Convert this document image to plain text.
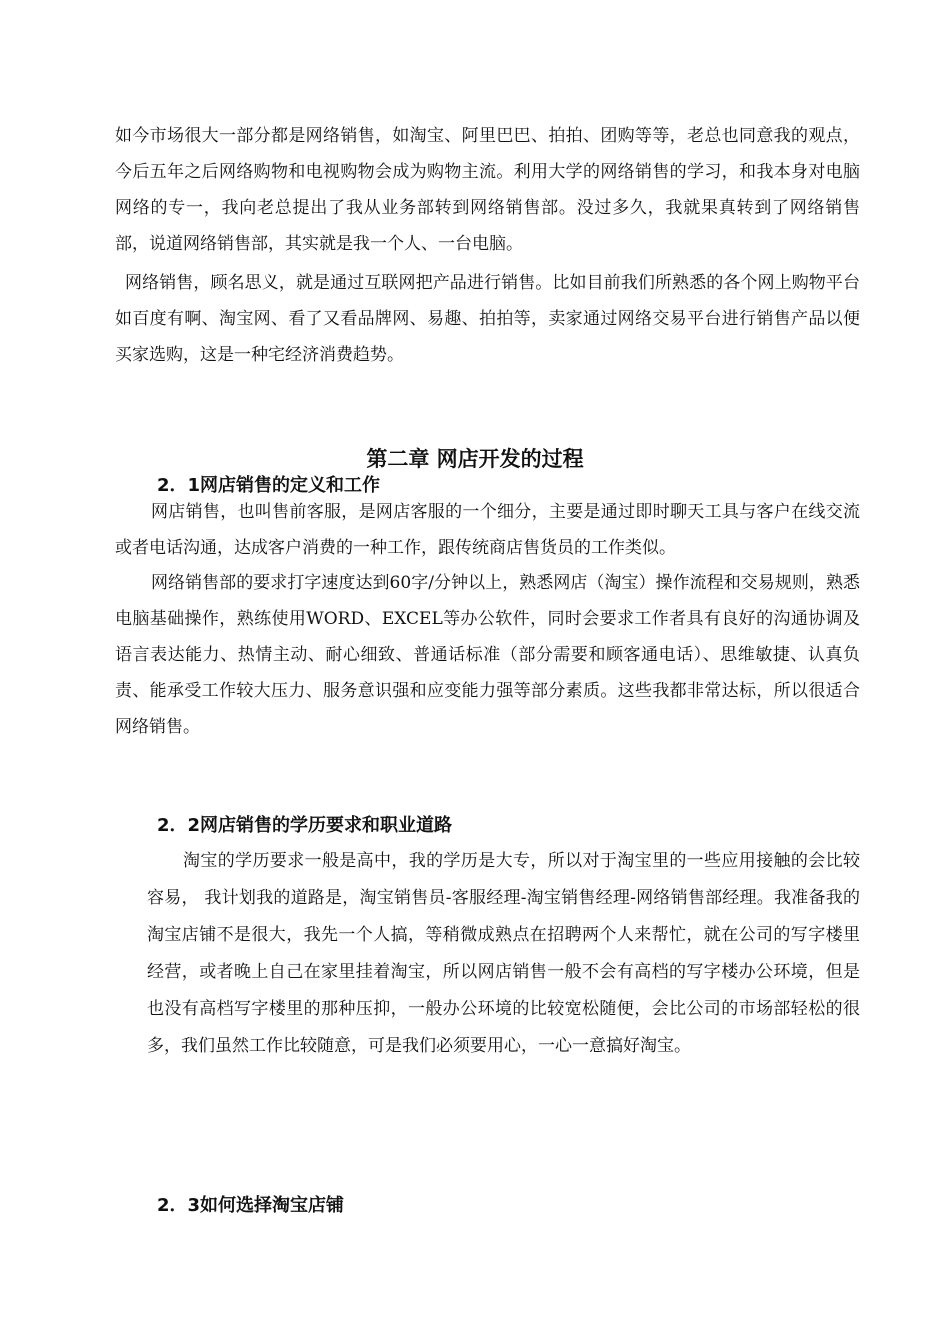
如今市场很大一部分都是网络销售，如淘宝、阿里巴巴、拍拍、团购等等，老总也同意我的观点，今后五年之后网络购物和电视购物会成为购物主流。利用大学的网络销售的学习，和我本身对电脑网络的专一，我向老总提出了我从业务部转到网络销售部。没过多久，我就果真转到了网络销售部，说道网络销售部，其实就是我一个人、一台电脑。

网络销售，顾名思义，就是通过互联网把产品进行销售。比如目前我们所熟悉的各个网上购物平台如百度有啊、淘宝网、看了又看品牌网、易趣、拍拍等，卖家通过网络交易平台进行销售产品以便买家选购，这是一种宅经济消费趋势。

第二章 网店开发的过程
2．1网店销售的定义和工作

网店销售，也叫售前客服，是网店客服的一个细分，主要是通过即时聊天工具与客户在线交流或者电话沟通，达成客户消费的一种工作，跟传统商店售货员的工作类似。

网络销售部的要求打字速度达到60字/分钟以上，熟悉网店（淘宝）操作流程和交易规则，熟悉电脑基础操作，熟练使用WORD、EXCEL等办公软件，同时会要求工作者具有良好的沟通协调及语言表达能力、热情主动、耐心细致、普通话标准（部分需要和顾客通电话）、思维敏捷、认真负责、能承受工作较大压力、服务意识强和应变能力强等部分素质。这些我都非常达标，所以很适合网络销售。

2．2网店销售的学历要求和职业道路

淘宝的学历要求一般是高中，我的学历是大专，所以对于淘宝里的一些应用接触的会比较容易， 我计划我的道路是，淘宝销售员-客服经理-淘宝销售经理-网络销售部经理。我准备我的淘宝店铺不是很大，我先一个人搞，等稍微成熟点在招聘两个人来帮忙，就在公司的写字楼里经营，或者晚上自己在家里挂着淘宝，所以网店销售一般不会有高档的写字楼办公环境，但是也没有高档写字楼里的那种压抑，一般办公环境的比较宽松随便，会比公司的市场部轻松的很多，我们虽然工作比较随意，可是我们必须要用心，一心一意搞好淘宝。

2．3如何选择淘宝店铺
